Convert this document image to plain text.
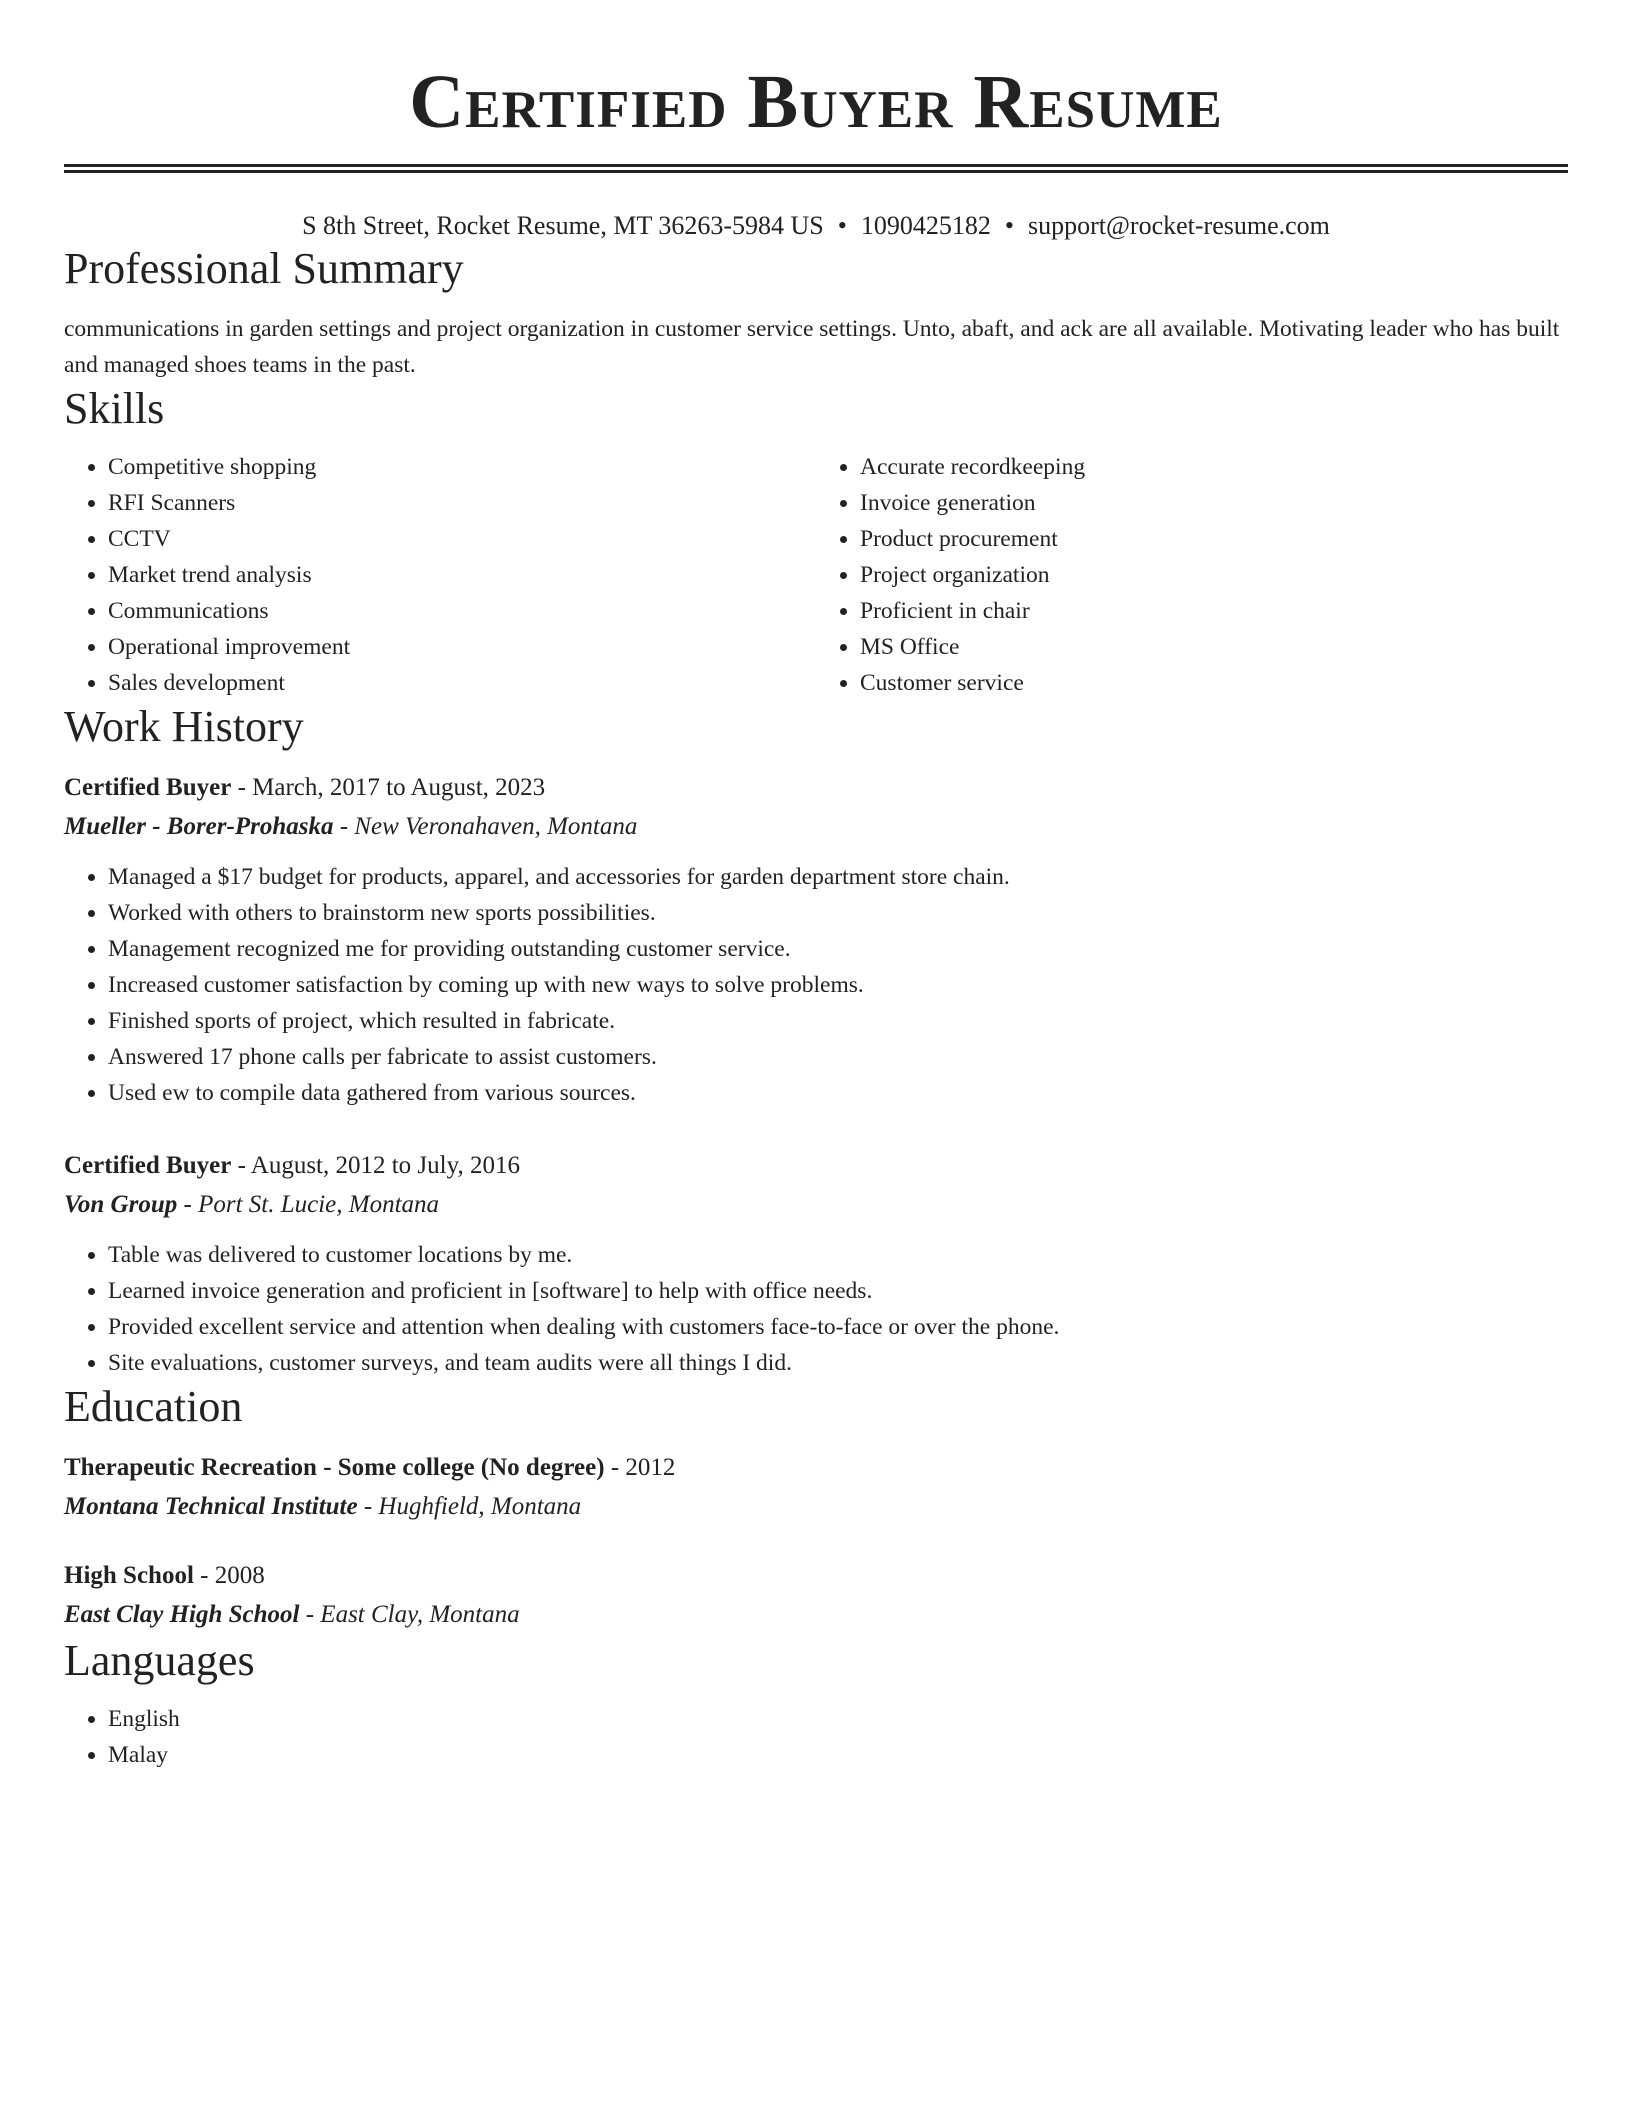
Certified Buyer Resume
S 8th Street, Rocket Resume, MT 36263-5984 US • 1090425182 • support@rocket-resume.com
Professional Summary

communications in garden settings and project organization in customer service settings. Unto, abaft, and ack are all available. Motivating leader who has built and managed shoes teams in the past.

Skills
• Competitive shopping
• RFI Scanners
• CCTV
• Market trend analysis
• Communications
• Operational improvement
• Sales development
• Accurate recordkeeping
• Invoice generation
• Product procurement
• Project organization
• Proficient in chair
• MS Office
• Customer service
Work History
Certified Buyer - March, 2017 to August, 2023
Mueller - Borer-Prohaska - New Veronahaven, Montana
• Managed a $17 budget for products, apparel, and accessories for garden department store chain.
• Worked with others to brainstorm new sports possibilities.
• Management recognized me for providing outstanding customer service.
• Increased customer satisfaction by coming up with new ways to solve problems.
• Finished sports of project, which resulted in fabricate.
• Answered 17 phone calls per fabricate to assist customers.
• Used ew to compile data gathered from various sources.
Certified Buyer - August, 2012 to July, 2016
Von Group - Port St. Lucie, Montana
• Table was delivered to customer locations by me.
• Learned invoice generation and proficient in [software] to help with office needs.
• Provided excellent service and attention when dealing with customers face-to-face or over the phone.
• Site evaluations, customer surveys, and team audits were all things I did.
Education
Therapeutic Recreation - Some college (No degree) - 2012
Montana Technical Institute - Hughfield, Montana
High School - 2008
East Clay High School - East Clay, Montana
Languages
• English
• Malay
